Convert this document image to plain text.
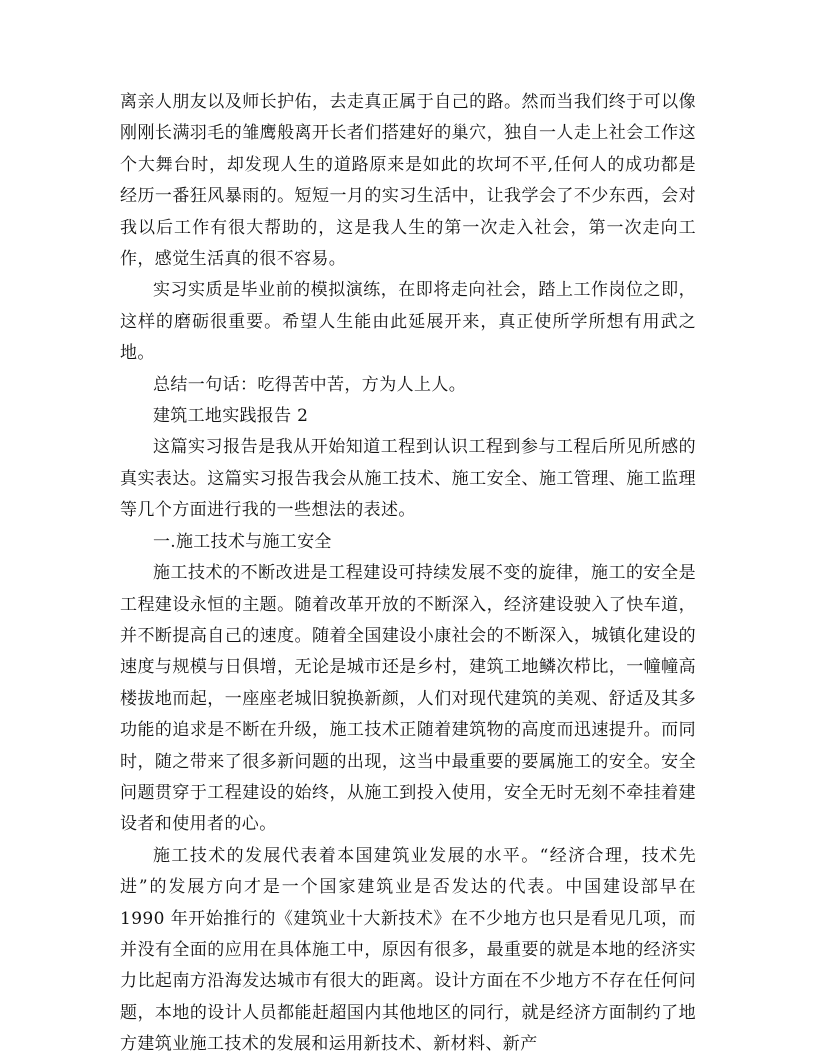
离亲人朋友以及师长护佑，去走真正属于自己的路。然而当我们终于可以像刚刚长满羽毛的雏鹰般离开长者们搭建好的巢穴，独自一人走上社会工作这个大舞台时，却发现人生的道路原来是如此的坎坷不平,任何人的成功都是经历一番狂风暴雨的。短短一月的实习生活中，让我学会了不少东西，会对我以后工作有很大帮助的，这是我人生的第一次走入社会，第一次走向工作，感觉生活真的很不容易。

实习实质是毕业前的模拟演练，在即将走向社会，踏上工作岗位之即，这样的磨砺很重要。希望人生能由此延展开来，真正使所学所想有用武之地。

总结一句话：吃得苦中苦，方为人上人。

建筑工地实践报告 2

这篇实习报告是我从开始知道工程到认识工程到参与工程后所见所感的真实表达。这篇实习报告我会从施工技术、施工安全、施工管理、施工监理等几个方面进行我的一些想法的表述。

一.施工技术与施工安全

施工技术的不断改进是工程建设可持续发展不变的旋律，施工的安全是工程建设永恒的主题。随着改革开放的不断深入，经济建设驶入了快车道，并不断提高自己的速度。随着全国建设小康社会的不断深入，城镇化建设的速度与规模与日俱增，无论是城市还是乡村，建筑工地鳞次栉比，一幢幢高楼拔地而起，一座座老城旧貌换新颜，人们对现代建筑的美观、舒适及其多功能的追求是不断在升级，施工技术正随着建筑物的高度而迅速提升。而同时，随之带来了很多新问题的出现，这当中最重要的要属施工的安全。安全问题贯穿于工程建设的始终，从施工到投入使用，安全无时无刻不牵挂着建设者和使用者的心。

施工技术的发展代表着本国建筑业发展的水平。“经济合理，技术先进”的发展方向才是一个国家建筑业是否发达的代表。中国建设部早在 1990 年开始推行的《建筑业十大新技术》在不少地方也只是看见几项，而并没有全面的应用在具体施工中，原因有很多，最重要的就是本地的经济实力比起南方沿海发达城市有很大的距离。设计方面在不少地方不存在任何问题，本地的设计人员都能赶超国内其他地区的同行，就是经济方面制约了地方建筑业施工技术的发展和运用新技术、新材料、新产
